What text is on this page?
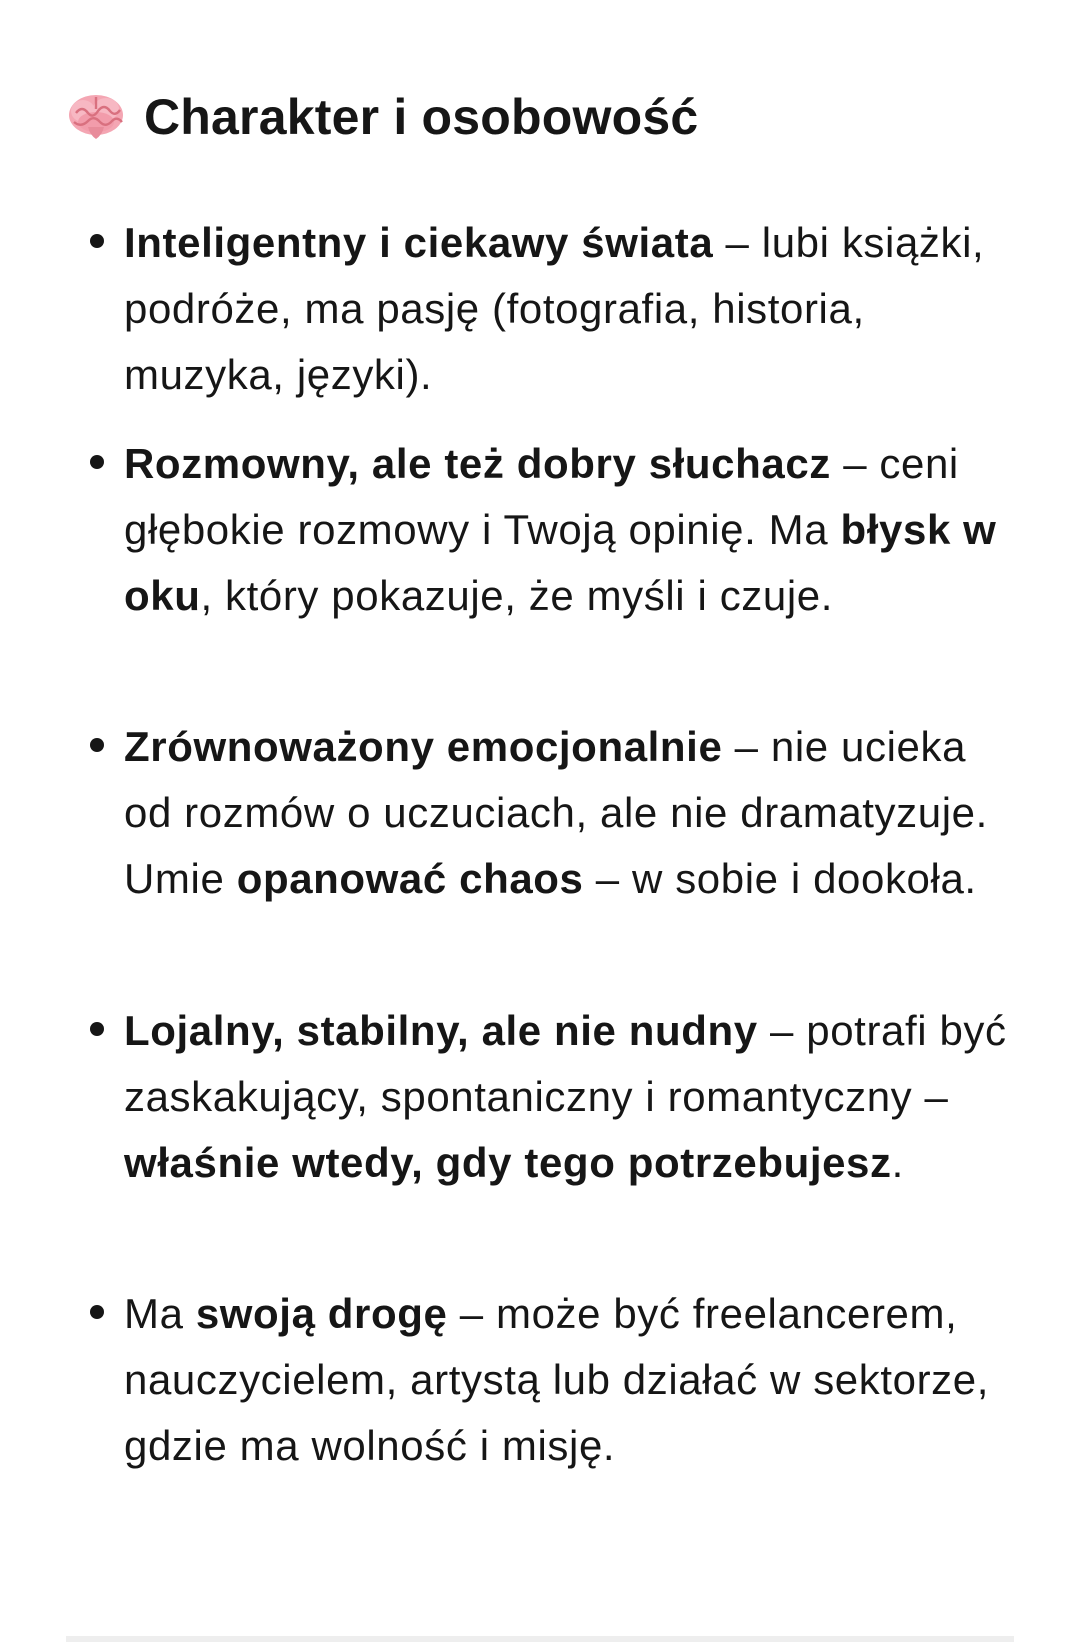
Charakter i osobowość
Inteligentny i ciekawy świata – lubi książki, podróże, ma pasję (fotografia, historia, muzyka, języki).
Rozmowny, ale też dobry słuchacz – ceni głębokie rozmowy i Twoją opinię. Ma błysk w oku, który pokazuje, że myśli i czuje.
Zrównoważony emocjonalnie – nie ucieka od rozmów o uczuciach, ale nie dramatyzuje. Umie opanować chaos – w sobie i dookoła.
Lojalny, stabilny, ale nie nudny – potrafi być zaskakujący, spontaniczny i romantyczny – właśnie wtedy, gdy tego potrzebujesz.
Ma swoją drogę – może być freelancerem, nauczycielem, artystą lub działać w sektorze, gdzie ma wolność i misję.
